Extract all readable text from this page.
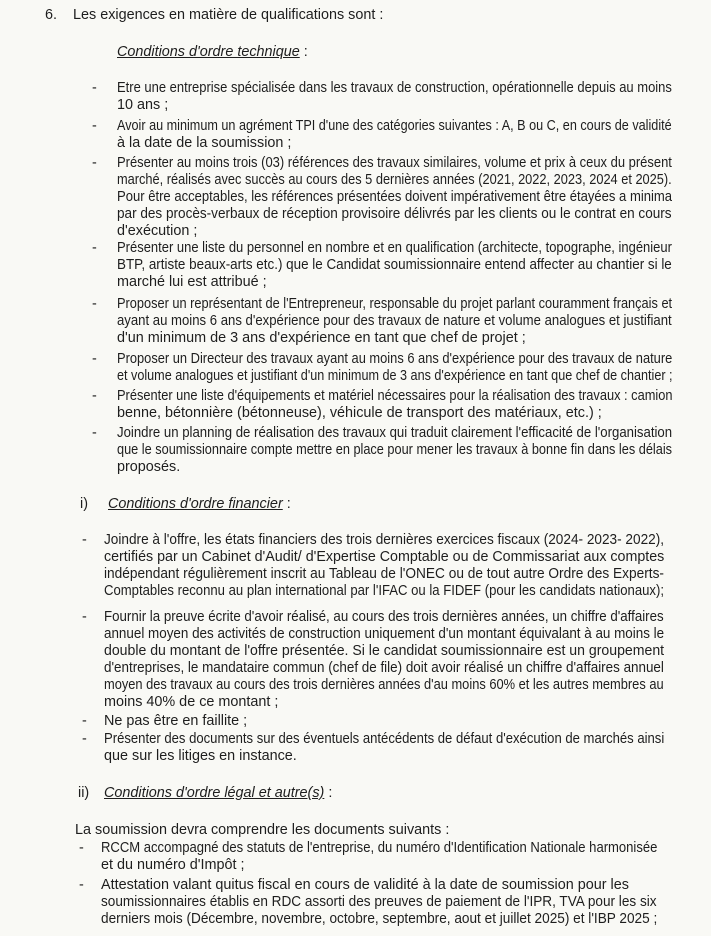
6. Les exigences en matière de qualifications sont :
Conditions d'ordre technique :
-	Etre une entreprise spécialisée dans les travaux de construction, opérationnelle depuis au moins
10 ans ;
-	Avoir au minimum un agrément TPI d'une des catégories suivantes : A, B ou C, en cours de validité
à la date de la soumission ;
-	Présenter au moins trois (03) références des travaux similaires, volume et prix à ceux du présent
marché, réalisés avec succès au cours des 5 dernières années (2021, 2022, 2023, 2024 et 2025).
Pour être acceptables, les références présentées doivent impérativement être étayées a minima
par des procès-verbaux de réception provisoire délivrés par les clients ou le contrat en cours
d'exécution ;
-	Présenter une liste du personnel en nombre et en qualification (architecte, topographe, ingénieur
BTP, artiste beaux-arts etc.) que le Candidat soumissionnaire entend affecter au chantier si le
marché lui est attribué ;
-	Proposer un représentant de l'Entrepreneur, responsable du projet parlant couramment français et
ayant au moins 6 ans d'expérience pour des travaux de nature et volume analogues et justifiant
d'un minimum de 3 ans d'expérience en tant que chef de projet ;
-	Proposer un Directeur des travaux ayant au moins 6 ans d'expérience pour des travaux de nature
et volume analogues et justifiant d'un minimum de 3 ans d'expérience en tant que chef de chantier ;
-	Présenter une liste d'équipements et matériel nécessaires pour la réalisation des travaux : camion
benne, bétonnière (bétonneuse), véhicule de transport des matériaux, etc.) ;
-	Joindre un planning de réalisation des travaux qui traduit clairement l'efficacité de l'organisation
que le soumissionnaire compte mettre en place pour mener les travaux à bonne fin dans les délais
proposés.
i) Conditions d'ordre financier :
-	Joindre à l'offre, les états financiers des trois dernières exercices fiscaux (2024- 2023- 2022),
certifiés par un Cabinet d'Audit/ d'Expertise Comptable ou de Commissariat aux comptes
indépendant régulièrement inscrit au Tableau de l'ONEC ou de tout autre Ordre des Experts-
Comptables reconnu au plan international par l'IFAC ou la FIDEF (pour les candidats nationaux);
-	Fournir la preuve écrite d'avoir réalisé, au cours des trois dernières années, un chiffre d'affaires
annuel moyen des activités de construction uniquement d'un montant équivalant à au moins le
double du montant de l'offre présentée. Si le candidat soumissionnaire est un groupement
d'entreprises, le mandataire commun (chef de file) doit avoir réalisé un chiffre d'affaires annuel
moyen des travaux au cours des trois dernières années d'au moins 60% et les autres membres au
moins 40% de ce montant ;
-	Ne pas être en faillite ;
-	Présenter des documents sur des éventuels antécédents de défaut d'exécution de marchés ainsi
que sur les litiges en instance.
ii) Conditions d'ordre légal et autre(s) :
La soumission devra comprendre les documents suivants :
-	RCCM accompagné des statuts de l'entreprise, du numéro d'Identification Nationale harmonisée
et du numéro d'Impôt ;
-	Attestation valant quitus fiscal en cours de validité à la date de soumission pour les
soumissionnaires établis en RDC assorti des preuves de paiement de l'IPR, TVA pour les six
derniers mois (Décembre, novembre, octobre, septembre, aout et juillet 2025) et l'IBP 2025 ;
